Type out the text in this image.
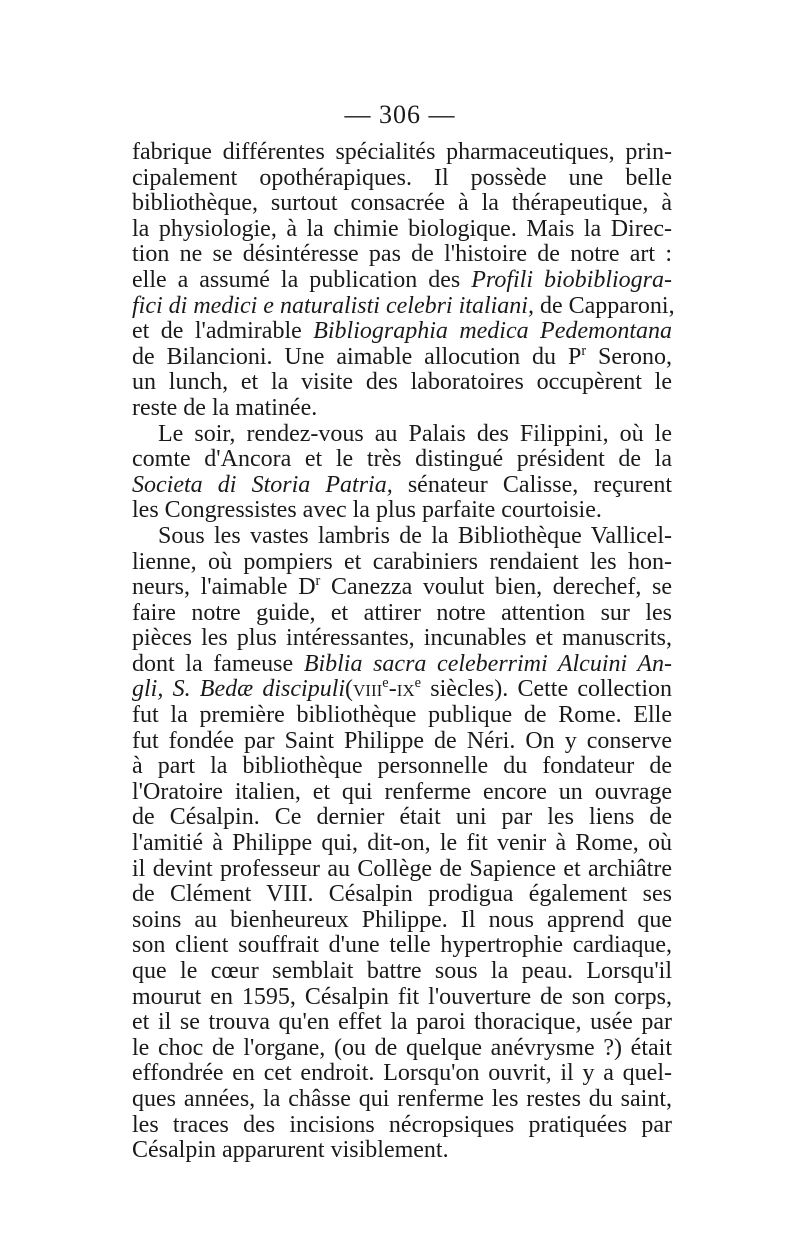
— 306 —
fabrique différentes spécialités pharmaceutiques, prin-
cipalement opothérapiques. Il possède une belle
bibliothèque, surtout consacrée à la thérapeutique, à
la physiologie, à la chimie biologique. Mais la Direc-
tion ne se désintéresse pas de l'histoire de notre art :
elle a assumé la publication des Profili biobibliogra-
fici di medici e naturalisti celebri italiani, de Capparoni,
et de l'admirable Bibliographia medica Pedemontana
de Bilancioni. Une aimable allocution du $P^r$ Serono,
un lunch, et la visite des laboratoires occupèrent le
reste de la matinée.
Le soir, rendez-vous au Palais des Filippini, où le
comte d'Ancora et le très distingué président de la
Societa di Storia Patria, sénateur Calisse, reçurent
les Congressistes avec la plus parfaite courtoisie.
Sous les vastes lambris de la Bibliothèque Vallicel-
lienne, où pompiers et carabiniers rendaient les hon-
neurs, l'aimable $D^r$ Canezza voulut bien, derechef, se
faire notre guide, et attirer notre attention sur les
pièces les plus intéressantes, incunables et manuscrits,
dont la fameuse Biblia sacra celeberrimi Alcuini An-
gli, S. Bedæ $discipuli(viii^e-ix^e$ siècles). Cette collection
fut la première bibliothèque publique de Rome. Elle
fut fondée par Saint Philippe de Néri. On y conserve
à part la bibliothèque personnelle du fondateur de
l'Oratoire italien, et qui renferme encore un ouvrage
de Césalpin. Ce dernier était uni par les liens de
l'amitié à Philippe qui, dit-on, le fit venir à Rome, où
il devint professeur au Collège de Sapience et archiâtre
de Clément VIII. Césalpin prodigua également ses
soins au bienheureux Philippe. Il nous apprend que
son client souffrait d'une telle hypertrophie cardiaque,
que le cœur semblait battre sous la peau. Lorsqu'il
mourut en 1595, Césalpin fit l'ouverture de son corps,
et il se trouva qu'en effet la paroi thoracique, usée par
le choc de l'organe, (ou de quelque anévrysme ?) était
effondrée en cet endroit. Lorsqu'on ouvrit, il y a quel-
ques années, la châsse qui renferme les restes du saint,
les traces des incisions nécropsiques pratiquées par
Césalpin apparurent visiblement.
